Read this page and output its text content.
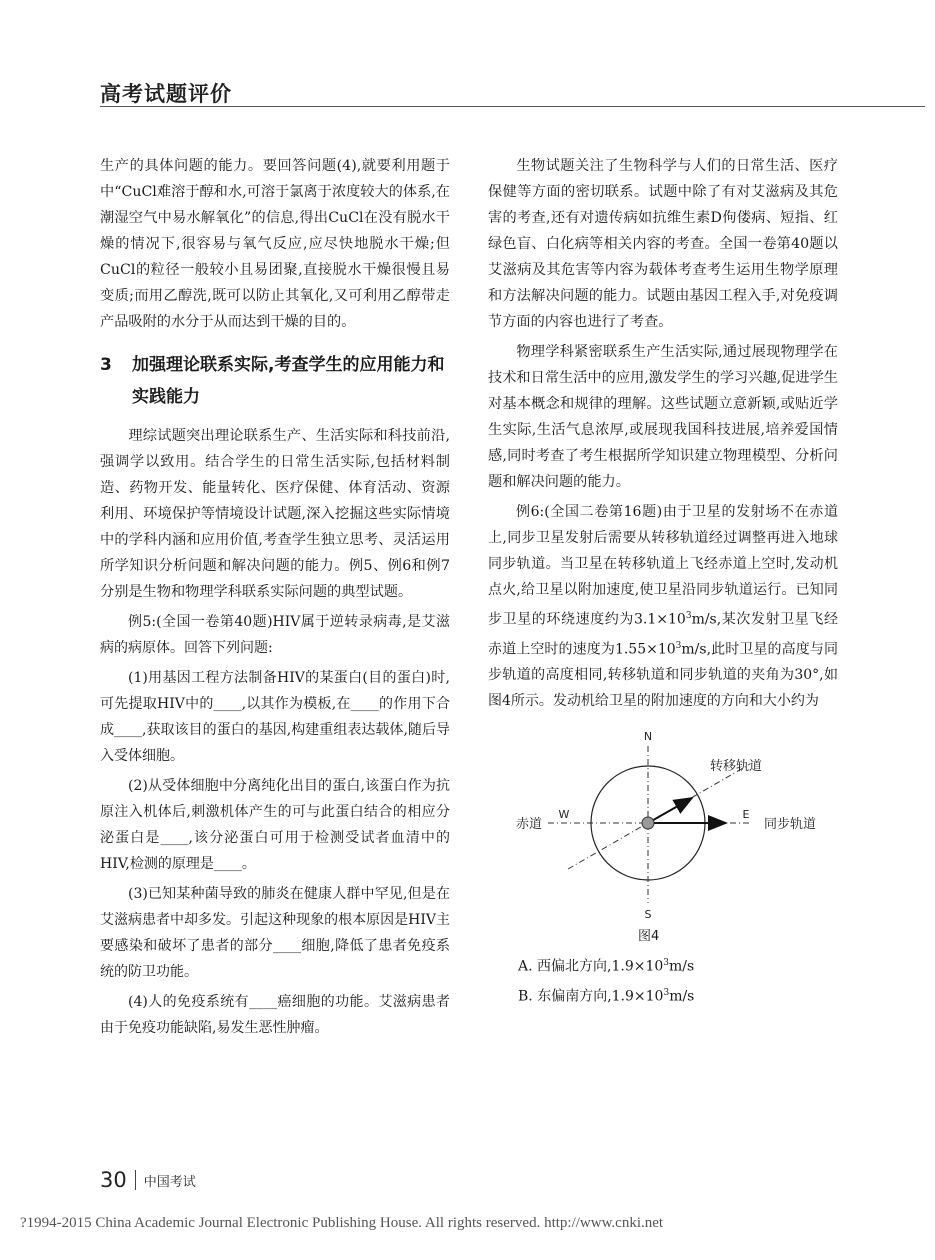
高考试题评价

生产的具体问题的能力。要回答问题(4),就要利用题于中“CuCl难溶于醇和水,可溶于氯离于浓度较大的体系,在潮湿空气中易水解氧化”的信息,得出CuCl在没有脱水干燥的情况下,很容易与氧气反应,应尽快地脱水干燥;但CuCl的粒径一般较小且易团聚,直接脱水干燥很慢且易变质;而用乙醇洗,既可以防止其氧化,又可利用乙醇带走产品吸附的水分于从而达到干燥的目的。

3	加强理论联系实际,考查学生的应用能力和实践能力

理综试题突出理论联系生产、生活实际和科技前沿,强调学以致用。结合学生的日常生活实际,包括材料制造、药物开发、能量转化、医疗保健、体育活动、资源利用、环境保护等情境设计试题,深入挖掘这些实际情境中的学科内涵和应用价值,考查学生独立思考、灵活运用所学知识分析问题和解决问题的能力。例5、例6和例7分别是生物和物理学科联系实际问题的典型试题。

例5:(全国一卷第40题)HIV属于逆转录病毒,是艾滋病的病原体。回答下列问题:

(1)用基因工程方法制备HIV的某蛋白(目的蛋白)时,可先提取HIV中的____,以其作为模板,在____的作用下合成____,获取该目的蛋白的基因,构建重组表达载体,随后导入受体细胞。

(2)从受体细胞中分离纯化出目的蛋白,该蛋白作为抗原注入机体后,刺激机体产生的可与此蛋白结合的相应分泌蛋白是____,该分泌蛋白可用于检测受试者血清中的HIV,检测的原理是____。

(3)已知某种菌导致的肺炎在健康人群中罕见,但是在艾滋病患者中却多发。引起这种现象的根本原因是HIV主要感染和破坏了患者的部分____细胞,降低了患者免疫系统的防卫功能。

(4)人的免疫系统有____癌细胞的功能。艾滋病患者由于免疫功能缺陷,易发生恶性肿瘤。

生物试题关注了生物科学与人们的日常生活、医疗保健等方面的密切联系。试题中除了有对艾滋病及其危害的考查,还有对遗传病如抗维生素D佝偻病、短指、红绿色盲、白化病等相关内容的考查。全国一卷第40题以艾滋病及其危害等内容为载体考查考生运用生物学原理和方法解决问题的能力。试题由基因工程入手,对免疫调节方面的内容也进行了考查。

物理学科紧密联系生产生活实际,通过展现物理学在技术和日常生活中的应用,激发学生的学习兴趣,促进学生对基本概念和规律的理解。这些试题立意新颖,或贴近学生实际,生活气息浓厚,或展现我国科技进展,培养爱国情感,同时考查了考生根据所学知识建立物理模型、分析问题和解决问题的能力。

例6:(全国二卷第16题)由于卫星的发射场不在赤道上,同步卫星发射后需要从转移轨道经过调整再进入地球同步轨道。当卫星在转移轨道上飞经赤道上空时,发动机点火,给卫星以附加速度,使卫星沿同步轨道运行。已知同步卫星的环绕速度约为$3.1\times 10^3m/s$,某次发射卫星飞经赤道上空时的速度为$1.55\times 10^3m/s$,此时卫星的高度与同步轨道的高度相同,转移轨道和同步轨道的夹角为30°,如图4所示。发动机给卫星的附加速度的方向和大小约为

N
S
W	E
赤道
转移轨道
同步轨道

图4

A. 西偏北方向$,1.9\times 10^3m/s$

B. 东偏南方向$,1.9\times 10^3m/s$

30 中国考试
?1994-2015 China Academic Journal Electronic Publishing House. All rights reserved. http://www.cnki.net
